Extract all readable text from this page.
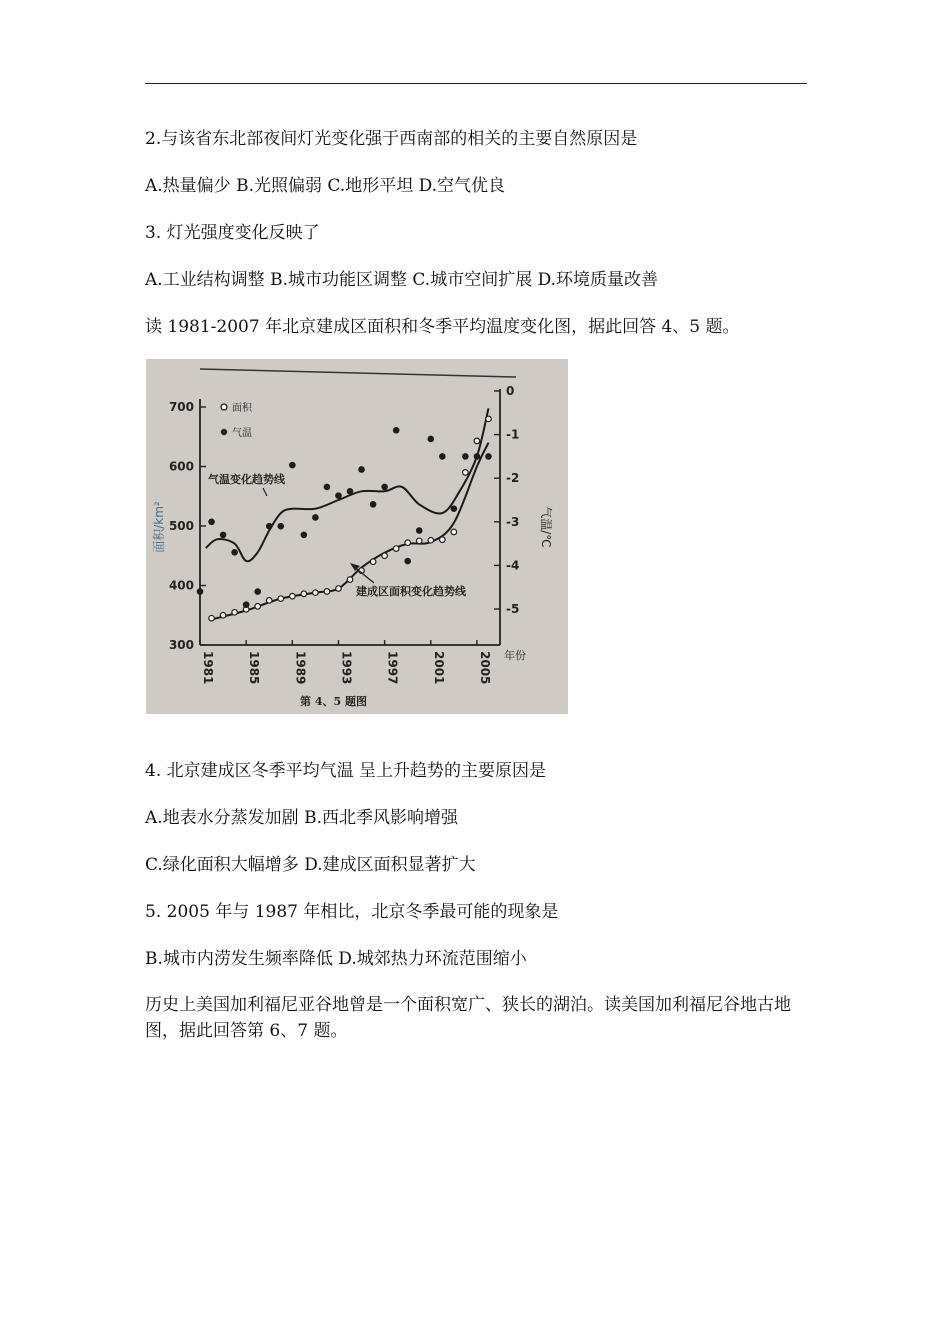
2.与该省东北部夜间灯光变化强于西南部的相关的主要自然原因是
A.热量偏少 B.光照偏弱 C.地形平坦 D.空气优良
3. 灯光强度变化反映了
A.工业结构调整 B.城市功能区调整 C.城市空间扩展 D.环境质量改善
读 1981-2007 年北京建成区面积和冬季平均温度变化图，据此回答 4、5 题。
300
400
500
600
700
0
-1
-2
-3
-4
-5
1981	1985	1989	1993	1997	2001	2005
面积
气温
气温变化趋势线
建成区面积变化趋势线
面积/km²	气温/℃
年份
第 4、5 题图
4. 北京建成区冬季平均气温 呈上升趋势的主要原因是
A.地表水分蒸发加剧 B.西北季风影响增强
C.绿化面积大幅增多 D.建成区面积显著扩大
5. 2005 年与 1987 年相比，北京冬季最可能的现象是
B.城市内涝发生频率降低 D.城郊热力环流范围缩小
历史上美国加利福尼亚谷地曾是一个面积宽广、狭长的湖泊。读美国加利福尼谷地古地图，据此回答第 6、7 题。
